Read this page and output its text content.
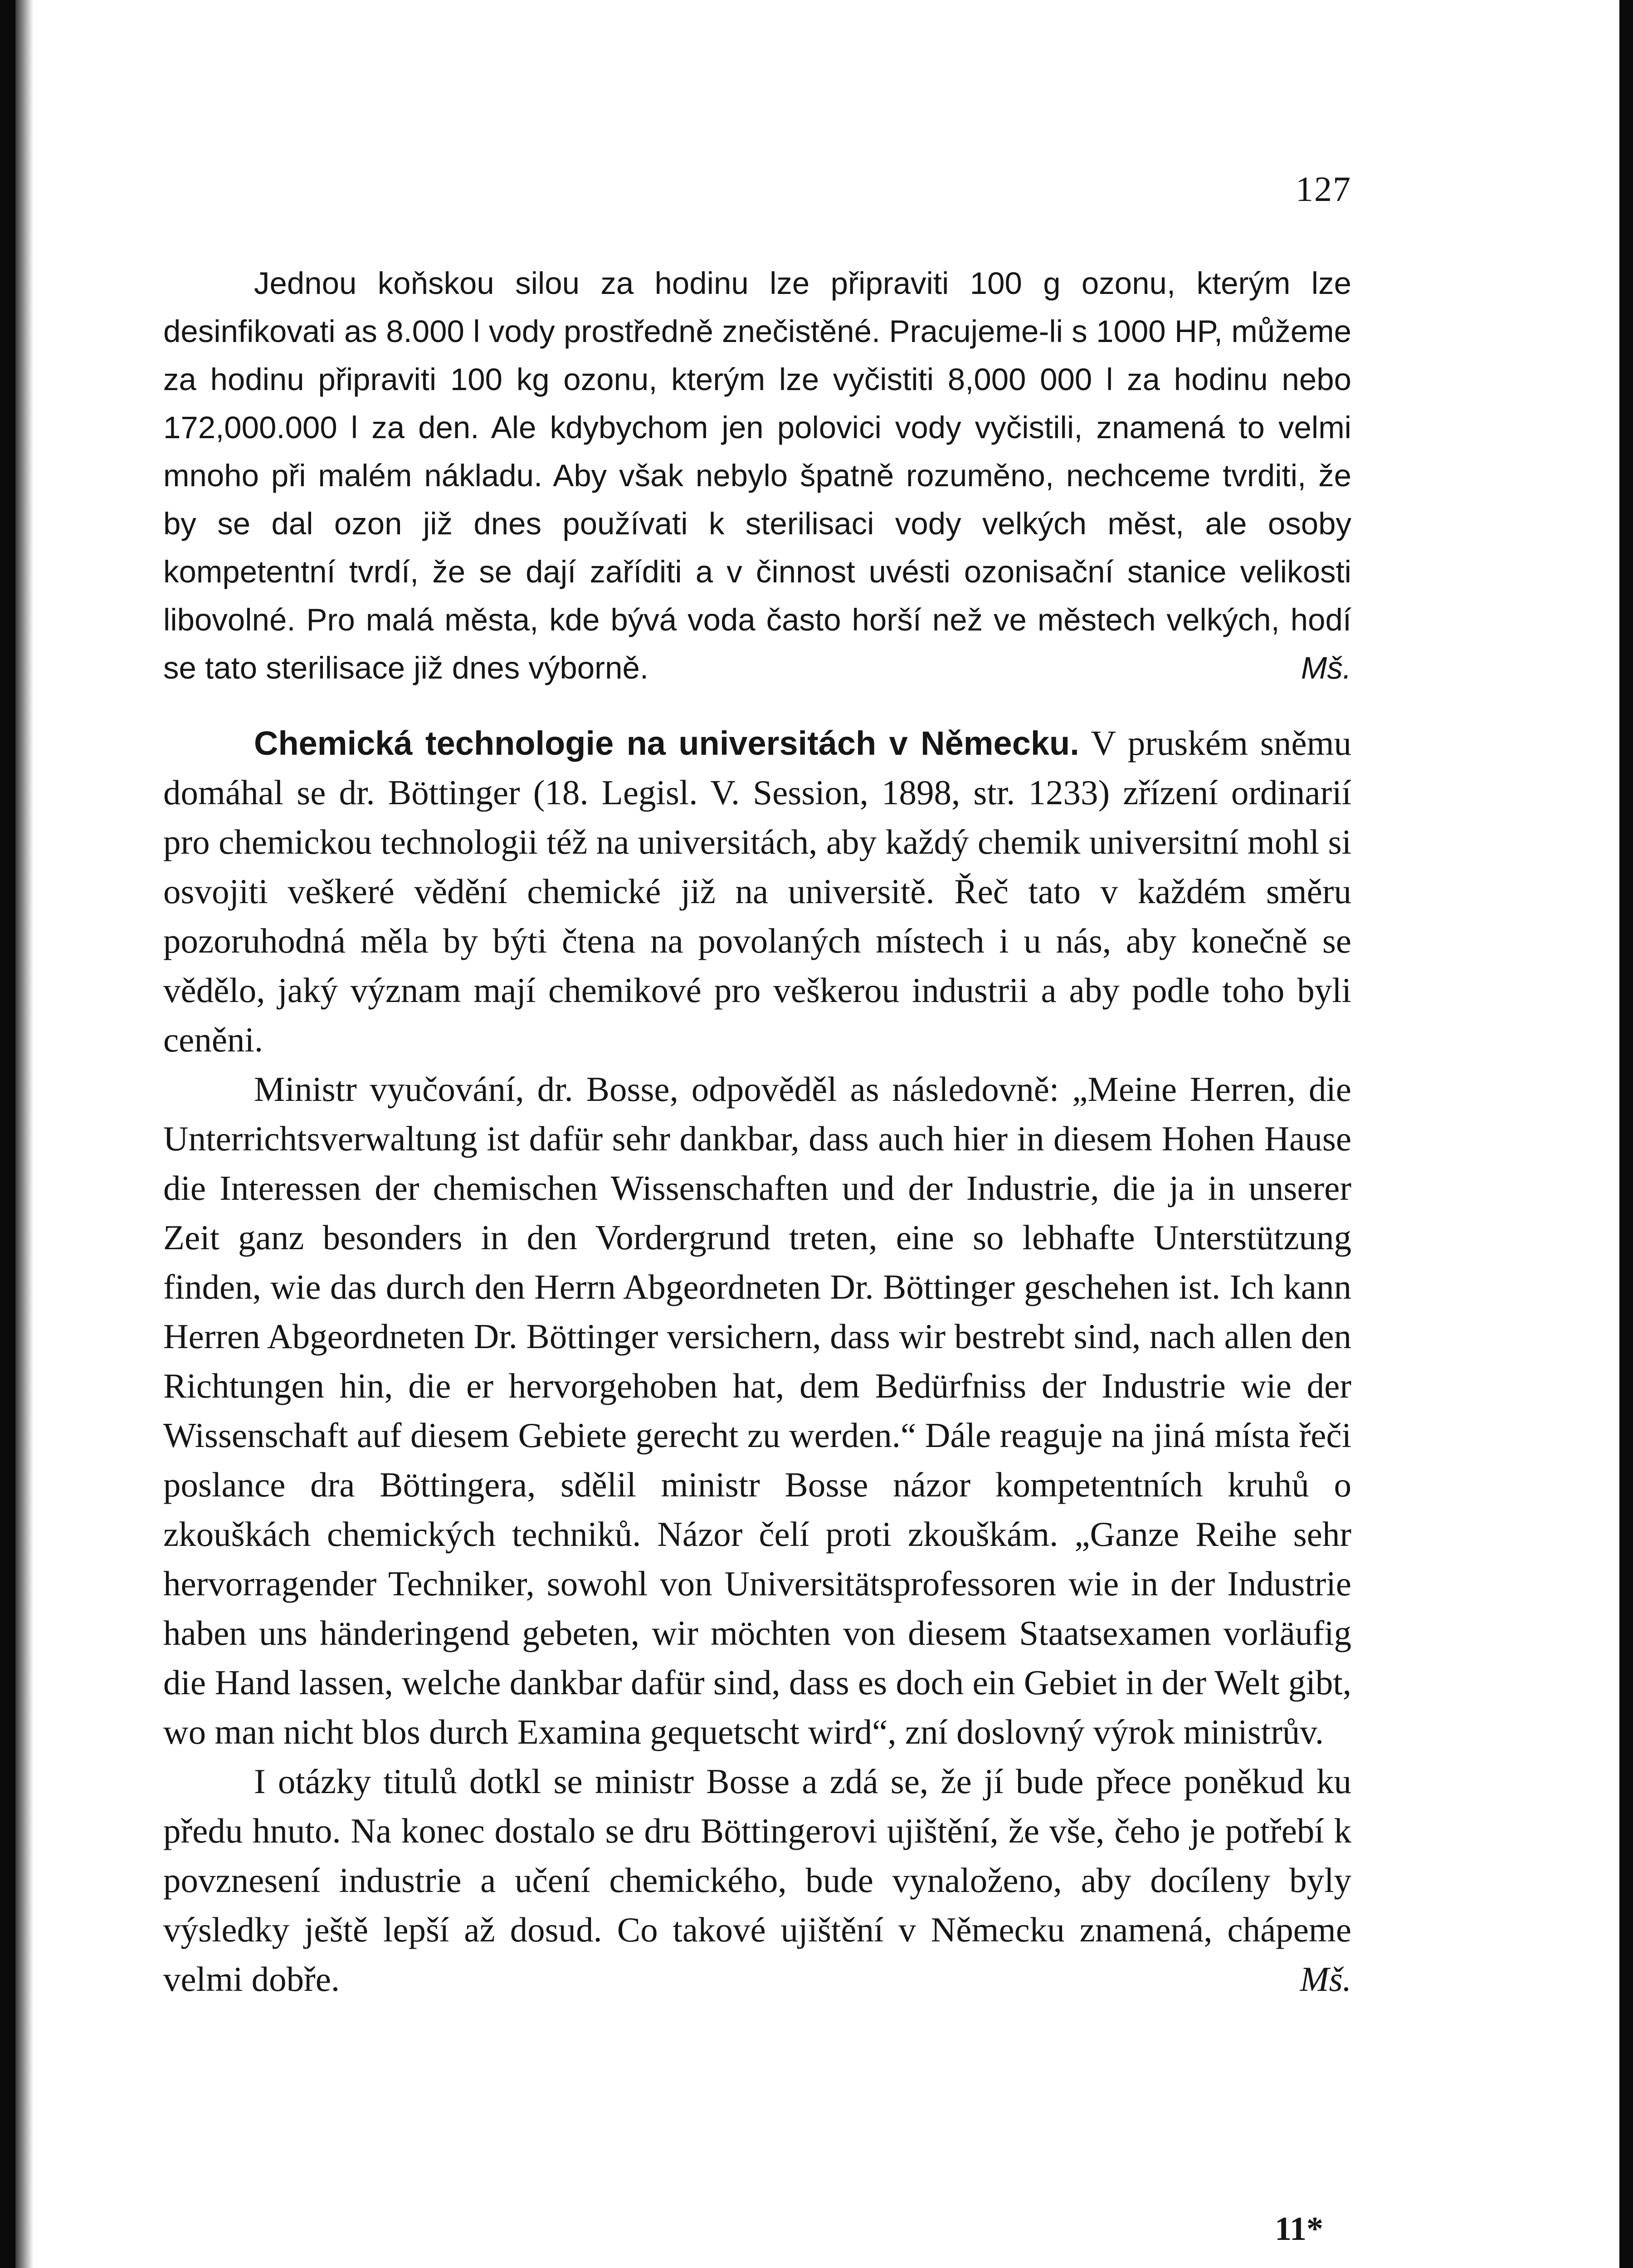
127

Jednou koňskou silou za hodinu lze připraviti 100 g ozonu, kterým lze desinfikovati as 8.000 l vody prostředně znečistěné. Pracujeme-li s 1000 HP, můžeme za hodinu připraviti 100 kg ozonu, kterým lze vyčistiti 8,000 000 l za hodinu nebo 172,000.000 l za den. Ale kdybychom jen polovici vody vyčistili, znamená to velmi mnoho při malém nákladu. Aby však nebylo špatně rozuměno, nechceme tvrditi, že by se dal ozon již dnes používati k sterilisaci vody velkých měst, ale osoby kompetentní tvrdí, že se dají zaříditi a v činnost uvésti ozonisační stanice velikosti libovolné. Pro malá města, kde bývá voda často horší než ve městech velkých, hodí se tato sterilisace již dnes výborně.	Mš.

Chemická technologie na universitách v Německu. V pruském sněmu domáhal se dr. Böttinger (18. Legisl. V. Session, 1898, str. 1233) zřízení ordinarií pro chemickou technologii též na universitách, aby každý chemik universitní mohl si osvojiti veškeré vědění chemické již na universitě. Řeč tato v každém směru pozoruhodná měla by býti čtena na povolaných místech i u nás, aby konečně se vědělo, jaký význam mají chemikové pro veškerou industrii a aby podle toho byli ceněni.

Ministr vyučování, dr. Bosse, odpověděl as následovně: „Meine Herren, die Unterrichtsverwaltung ist dafür sehr dankbar, dass auch hier in diesem Hohen Hause die Interessen der chemischen Wissenschaften und der Industrie, die ja in unserer Zeit ganz besonders in den Vordergrund treten, eine so lebhafte Unterstützung finden, wie das durch den Herrn Abgeordneten Dr. Böttinger geschehen ist. Ich kann Herren Abgeordneten Dr. Böttinger versichern, dass wir bestrebt sind, nach allen den Richtungen hin, die er hervorgehoben hat, dem Bedürfniss der Industrie wie der Wissenschaft auf diesem Gebiete gerecht zu werden.“ Dále reaguje na jiná místa řeči poslance dra Böttingera, sdělil ministr Bosse názor kompetentních kruhů o zkouškách chemických techniků. Názor čelí proti zkouškám. „Ganze Reihe sehr hervorragender Techniker, sowohl von Universitätsprofessoren wie in der Industrie haben uns händeringend gebeten, wir möchten von diesem Staatsexamen vorläufig die Hand lassen, welche dankbar dafür sind, dass es doch ein Gebiet in der Welt gibt, wo man nicht blos durch Examina gequetscht wird“, zní doslovný výrok ministrův.

I otázky titulů dotkl se ministr Bosse a zdá se, že jí bude přece poněkud ku předu hnuto. Na konec dostalo se dru Böttingerovi ujištění, že vše, čeho je potřebí k povznesení industrie a učení chemického, bude vynaloženo, aby docíleny byly výsledky ještě lepší až dosud. Co takové ujištění v Německu znamená, chápeme velmi dobře.	Mš.

11*
